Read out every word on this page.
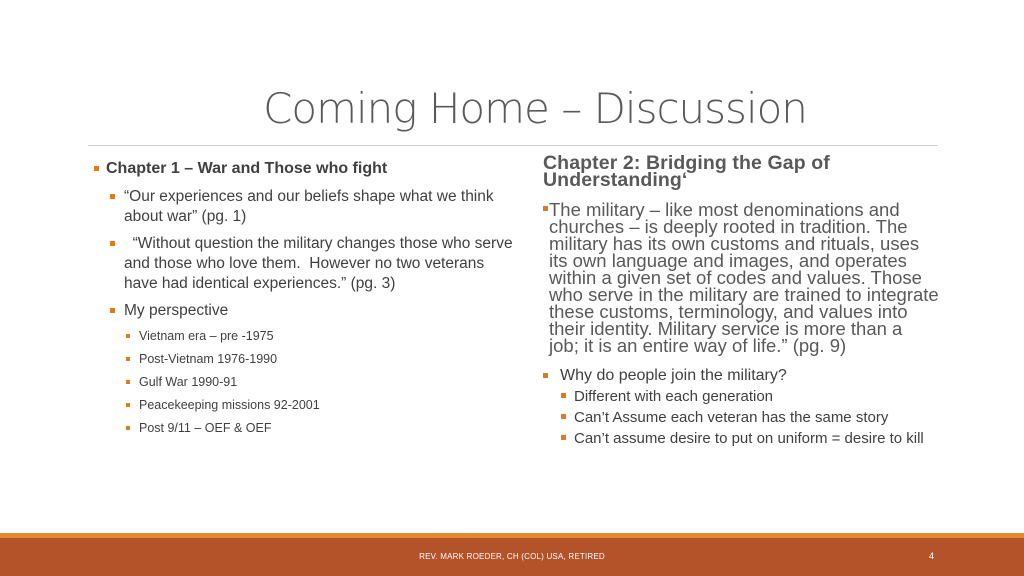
Coming Home – Discussion
Chapter 1 – War and Those who fight
“Our experiences and our beliefs shape what we think about war” (pg. 1)
“Without question the military changes those who serve and those who love them.  However no two veterans have had identical experiences.” (pg. 3)
My perspective
Vietnam era – pre -1975
Post-Vietnam 1976-1990
Gulf War 1990-91
Peacekeeping missions 92-2001
Post 9/11 – OEF & OEF
Chapter 2: Bridging the Gap of
Understanding‘
The military – like most denominations and
churches – is deeply rooted in tradition. The
military has its own customs and rituals, uses
its own language and images, and operates
within a given set of codes and values. Those
who serve in the military are trained to integrate
these customs, terminology, and values into
their identity. Military service is more than a
job; it is an entire way of life.” (pg. 9)
Why do people join the military?
Different with each generation
Can’t Assume each veteran has the same story
Can’t assume desire to put on uniform = desire to kill
REV. MARK ROEDER, CH (COL) USA, RETIRED	4
